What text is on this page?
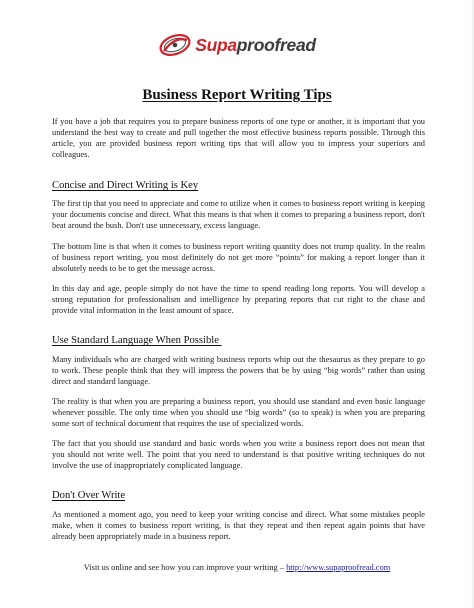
Supaproofread
Business Report Writing Tips
If you have a job that requires you to prepare business reports of one type or another, it is important that you understand the best way to create and pull together the most effective business reports possible. Through this article, you are provided business report writing tips that will allow you to impress your superiors and colleagues.
Concise and Direct Writing is Key
The first tip that you need to appreciate and come to utilize when it comes to business report writing is keeping your documents concise and direct. What this means is that when it comes to preparing a business report, don't beat around the bush. Don't use unnecessary, excess language.
The bottom line is that when it comes to business report writing quantity does not trump quality. In the realm of business report writing, you most definitely do not get more “points” for making a report longer than it absolutely needs to be to get the message across.
In this day and age, people simply do not have the time to spend reading long reports. You will develop a strong reputation for professionalism and intelligence by preparing reports that cut right to the chase and provide vital information in the least amount of space.
Use Standard Language When Possible
Many individuals who are charged with writing business reports whip out the thesaurus as they prepare to go to work. These people think that they will impress the powers that be by using “big words” rather than using direct and standard language.
The reality is that when you are preparing a business report, you should use standard and even basic language whenever possible. The only time when you should use “big words” (so to speak) is when you are preparing some sort of technical document that requires the use of specialized words.
The fact that you should use standard and basic words when you write a business report does not mean that you should not write well. The point that you need to understand is that positive writing techniques do not involve the use of inappropriately complicated language.
Don't Over Write
As mentioned a moment ago, you need to keep your writing concise and direct. What some mistakes people make, when it comes to business report writing, is that they repeat and then repeat again points that have already been appropriately made in a business report.
Visit us online and see how you can improve your writing – http://www.supaproofread.com
